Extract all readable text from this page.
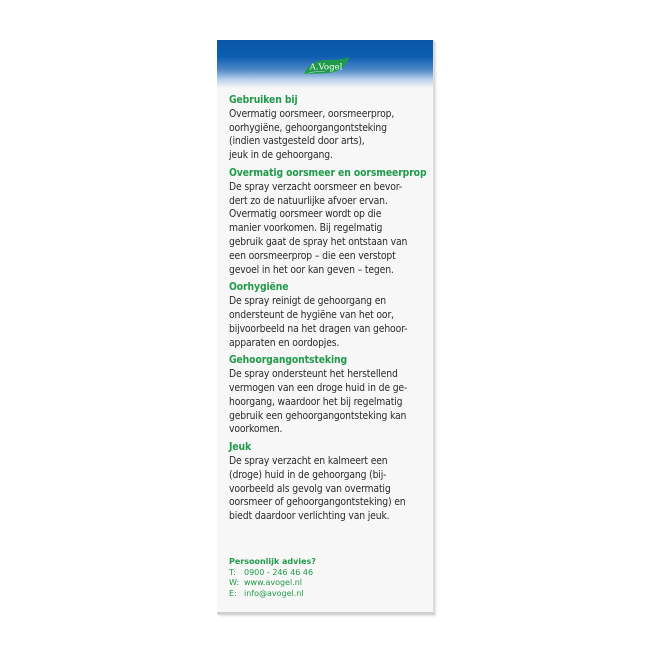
A.Vogel
Gebruiken bij
Overmatig oorsmeer, oorsmeerprop,
oorhygiëne, gehoorgangontsteking
(indien vastgesteld door arts),
jeuk in de gehoorgang.
Overmatig oorsmeer en oorsmeerprop
De spray verzacht oorsmeer en bevor-
dert zo de natuurlijke afvoer ervan.
Overmatig oorsmeer wordt op die
manier voorkomen. Bij regelmatig
gebruik gaat de spray het ontstaan van
een oorsmeerprop – die een verstopt
gevoel in het oor kan geven – tegen.
Oorhygiëne
De spray reinigt de gehoorgang en
ondersteunt de hygiëne van het oor,
bijvoorbeeld na het dragen van gehoor-
apparaten en oordopjes.
Gehoorgangontsteking
De spray ondersteunt het herstellend
vermogen van een droge huid in de ge-
hoorgang, waardoor het bij regelmatig
gebruik een gehoorgangontsteking kan
voorkomen.
Jeuk
De spray verzacht en kalmeert een
(droge) huid in de gehoorgang (bij-
voorbeeld als gevolg van overmatig
oorsmeer of gehoorgangontsteking) en
biedt daardoor verlichting van jeuk.
Persoonlijk advies?
T: 0900 - 246 46 46
W: www.avogel.nl
E: info@avogel.nl
